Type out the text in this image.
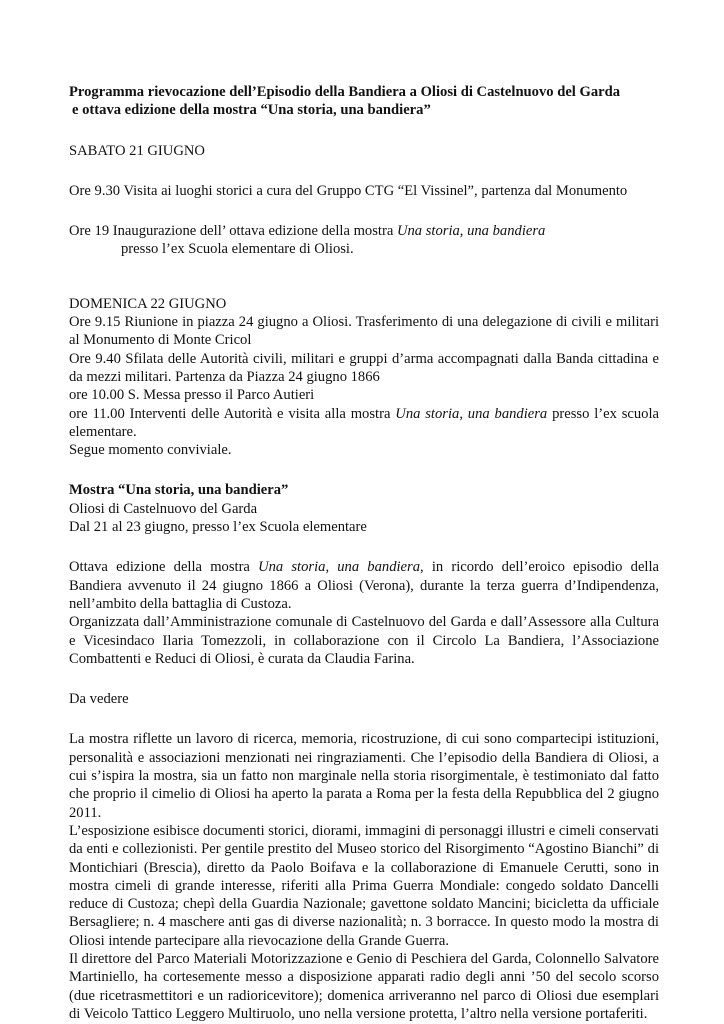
Programma rievocazione dell’Episodio della Bandiera a Oliosi di Castelnuovo del Garda
e ottava edizione della mostra “Una storia, una bandiera”

SABATO 21 GIUGNO

Ore 9.30 Visita ai luoghi storici a cura del Gruppo CTG “El Vissinel”, partenza dal Monumento

Ore 19 Inaugurazione dell’ ottava edizione della mostra Una storia, una bandiera

presso l’ex Scuola elementare di Oliosi.

DOMENICA 22 GIUGNO

Ore 9.15 Riunione in piazza 24 giugno a Oliosi. Trasferimento di una delegazione di civili e militari al Monumento di Monte Cricol

Ore 9.40 Sfilata delle Autorità civili, militari e gruppi d’arma accompagnati dalla Banda cittadina e da mezzi militari. Partenza da Piazza 24 giugno 1866

ore 10.00 S. Messa presso il Parco Autieri

ore 11.00 Interventi delle Autorità e visita alla mostra Una storia, una bandiera presso l’ex scuola elementare.

Segue momento conviviale.

Mostra “Una storia, una bandiera”

Oliosi di Castelnuovo del Garda

Dal 21 al 23 giugno, presso l’ex Scuola elementare

Ottava edizione della mostra Una storia, una bandiera, in ricordo dell’eroico episodio della Bandiera avvenuto il 24 giugno 1866 a Oliosi (Verona), durante la terza guerra d’Indipendenza, nell’ambito della battaglia di Custoza.

Organizzata dall’Amministrazione comunale di Castelnuovo del Garda e dall’Assessore alla Cultura e Vicesindaco Ilaria Tomezzoli, in collaborazione con il Circolo La Bandiera, l’Associazione Combattenti e Reduci di Oliosi, è curata da Claudia Farina.

Da vedere

La mostra riflette un lavoro di ricerca, memoria, ricostruzione, di cui sono compartecipi istituzioni, personalità e associazioni menzionati nei ringraziamenti. Che l’episodio della Bandiera di Oliosi, a cui s’ispira la mostra, sia un fatto non marginale nella storia risorgimentale, è testimoniato dal fatto che proprio il cimelio di Oliosi ha aperto la parata a Roma per la festa della Repubblica del 2 giugno 2011.

L’esposizione esibisce documenti storici, diorami, immagini di personaggi illustri e cimeli conservati da enti e collezionisti. Per gentile prestito del Museo storico del Risorgimento “Agostino Bianchi” di Montichiari (Brescia), diretto da Paolo Boifava e la collaborazione di Emanuele Cerutti, sono in mostra cimeli di grande interesse, riferiti alla Prima Guerra Mondiale: congedo soldato Dancelli reduce di Custoza; chepì della Guardia Nazionale; gavettone soldato Mancini; bicicletta da ufficiale Bersagliere; n. 4 maschere anti gas di diverse nazionalità; n. 3 borracce. In questo modo la mostra di Oliosi intende partecipare alla rievocazione della Grande Guerra.

Il direttore del Parco Materiali Motorizzazione e Genio di Peschiera del Garda, Colonnello Salvatore Martiniello, ha cortesemente messo a disposizione apparati radio degli anni ’50 del secolo scorso (due ricetrasmettitori e un radioricevitore); domenica arriveranno nel parco di Oliosi due esemplari di Veicolo Tattico Leggero Multiruolo, uno nella versione protetta, l’altro nella versione portaferiti.
